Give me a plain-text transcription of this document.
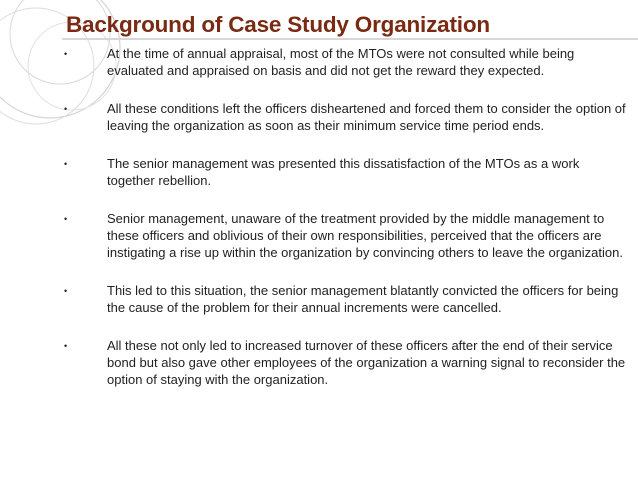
Background of Case Study Organization
•	At the time of annual appraisal, most of the MTOs were not consulted while being evaluated and appraised on basis and did not get the reward they expected.
•	All these conditions left the officers disheartened and forced them to consider the option of leaving the organization as soon as their minimum service time period ends.
•	The senior management was presented this dissatisfaction of the MTOs as a work together rebellion.
•	Senior management, unaware of the treatment provided by the middle management to these officers and oblivious of their own responsibilities, perceived that the officers are instigating a rise up within the organization by convincing others to leave the organization.
•	This led to this situation, the senior management blatantly convicted the officers for being the cause of the problem for their annual increments were cancelled.
•	All these not only led to increased turnover of these officers after the end of their service bond but also gave other employees of the organization a warning signal to reconsider the option of staying with the organization.
